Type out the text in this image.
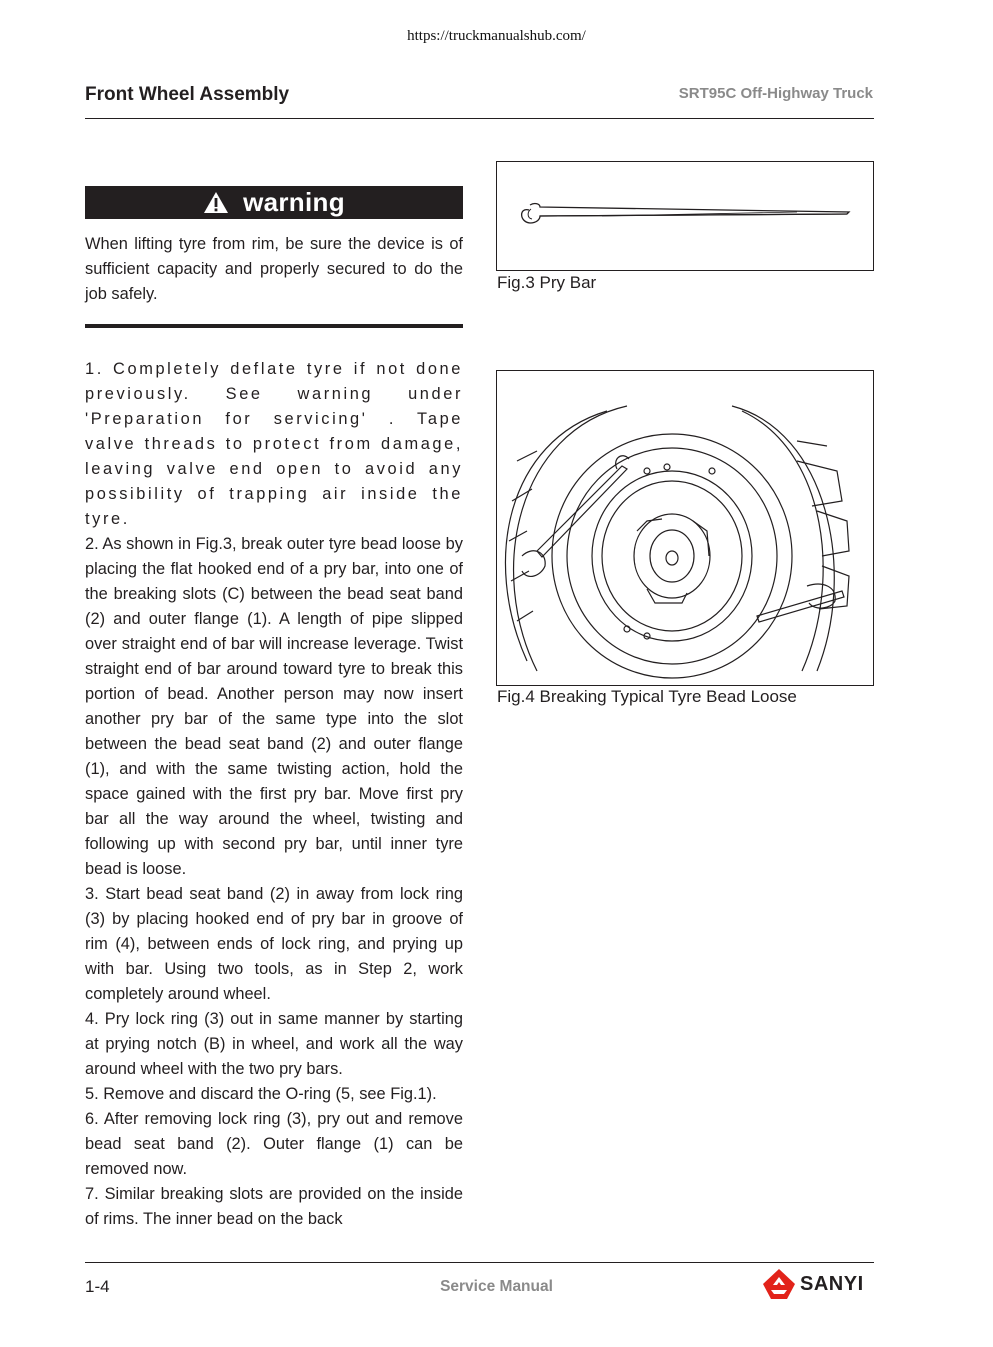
https://truckmanualshub.com/
Front Wheel Assembly	SRT95C Off-Highway Truck
warning
When lifting tyre from rim, be sure the device is of sufficient capacity and properly secured to do the job safely.

1. Completely deflate tyre if not done previously. See warning under 'Preparation for servicing' . Tape valve threads to protect from damage, leaving valve end open to avoid any possibility of trapping air inside the tyre.

2. As shown in Fig.3, break outer tyre bead loose by placing the flat hooked end of a pry bar, into one of the breaking slots (C) between the bead seat band (2) and outer flange (1). A length of pipe slipped over straight end of bar will increase leverage. Twist straight end of bar around toward tyre to break this portion of bead. Another person may now insert another pry bar of the same type into the slot between the bead seat band (2) and outer flange (1), and with the same twisting action, hold the space gained with the first pry bar. Move first pry bar all the way around the wheel, twisting and following up with second pry bar, until inner tyre bead is loose.

3. Start bead seat band (2) in away from lock ring (3) by placing hooked end of pry bar in groove of rim (4), between ends of lock ring, and prying up with bar. Using two tools, as in Step 2, work completely around wheel.

4. Pry lock ring (3) out in same manner by starting at prying notch (B) in wheel, and work all the way around wheel with the two pry bars.

5. Remove and discard the O-ring (5, see Fig.1).

6. After removing lock ring (3), pry out and remove bead seat band (2). Outer flange (1) can be removed now.

7. Similar breaking slots are provided on the inside of rims. The inner bead on the back

Fig.3 Pry Bar
Fig.4 Breaking Typical Tyre Bead Loose
1-4	Service Manual	SANYI
